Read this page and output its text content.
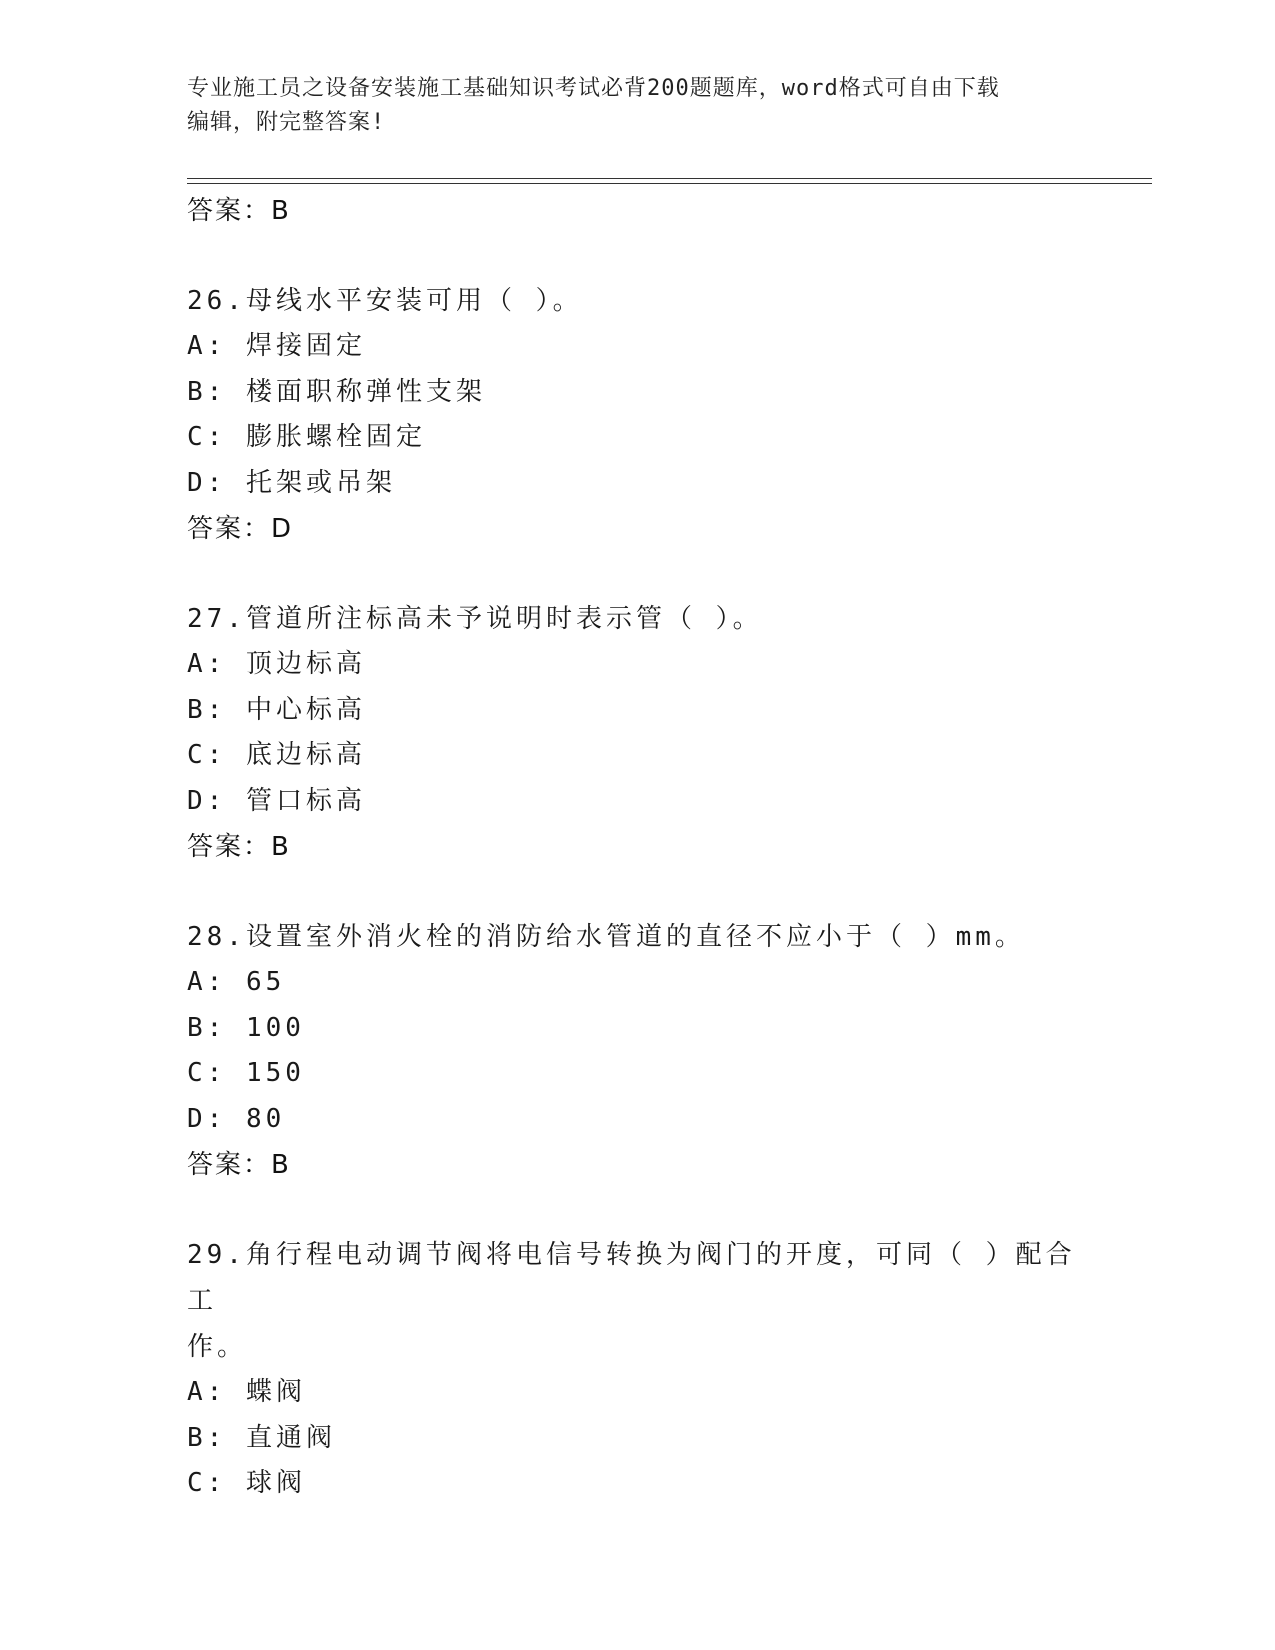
专业施工员之设备安装施工基础知识考试必背200题题库，word格式可自由下载
编辑，附完整答案!
答案：B
26.母线水平安装可用（ ）。
A: 焊接固定
B: 楼面职称弹性支架
C: 膨胀螺栓固定
D: 托架或吊架
答案：D
27.管道所注标高未予说明时表示管（ ）。
A: 顶边标高
B: 中心标高
C: 底边标高
D: 管口标高
答案：B
28.设置室外消火栓的消防给水管道的直径不应小于（ ）mm。
A: 65
B: 100
C: 150
D: 80
答案：B
29.角行程电动调节阀将电信号转换为阀门的开度，可同（ ）配合工
作。
A: 蝶阀
B: 直通阀
C: 球阀
